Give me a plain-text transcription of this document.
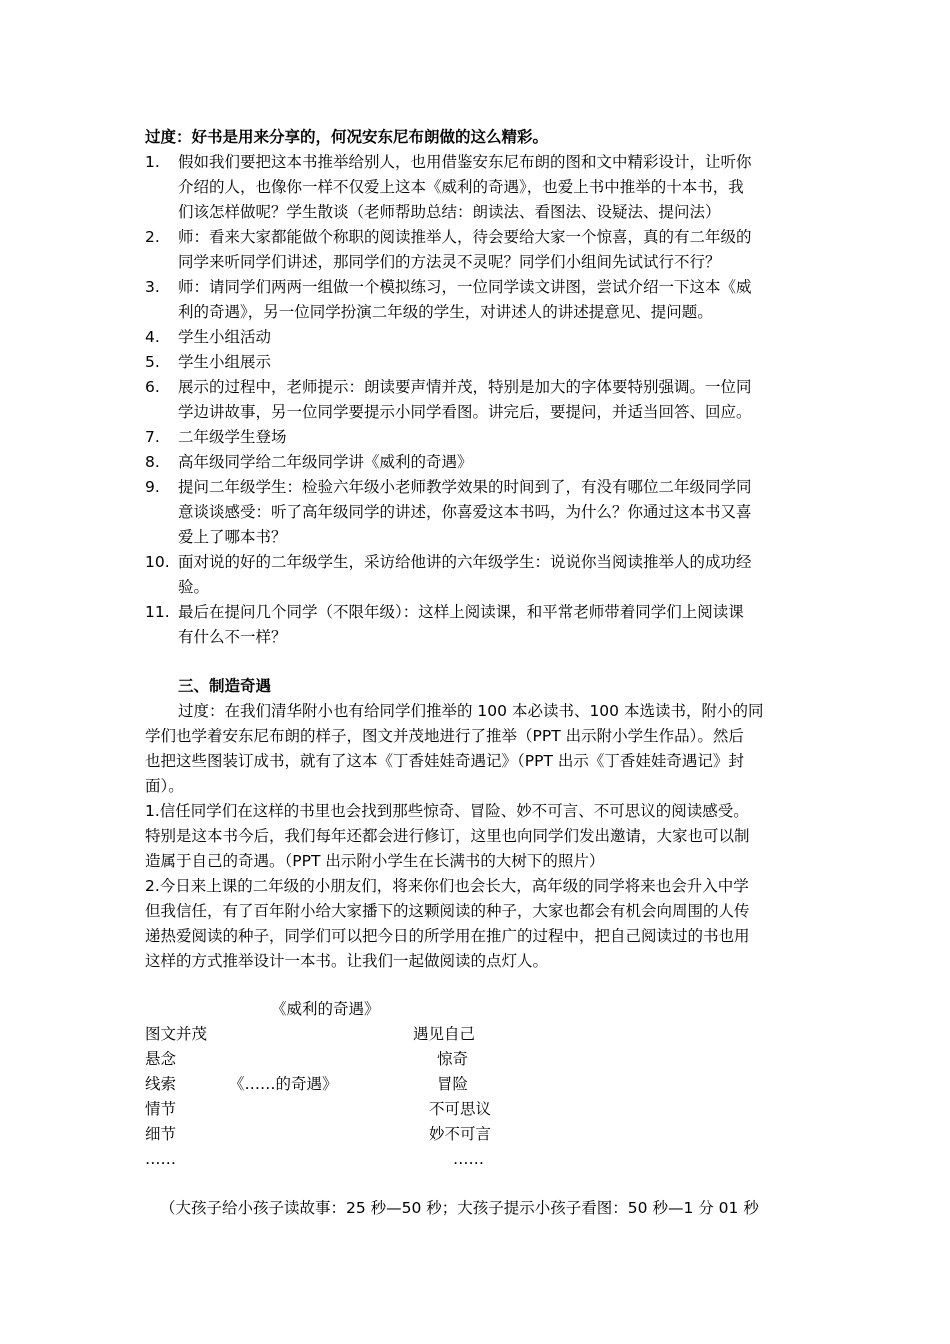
过度：好书是用来分享的，何况安东尼布朗做的这么精彩。
1. 假如我们要把这本书推举给别人，也用借鉴安东尼布朗的图和文中精彩设计，让听你
介绍的人，也像你一样不仅爱上这本《威利的奇遇》，也爱上书中推举的十本书，我
们该怎样做呢？学生散谈（老师帮助总结：朗读法、看图法、设疑法、提问法）
2. 师：看来大家都能做个称职的阅读推举人，待会要给大家一个惊喜，真的有二年级的
同学来听同学们讲述，那同学们的方法灵不灵呢？同学们小组间先试试行不行？
3. 师：请同学们两两一组做一个模拟练习，一位同学读文讲图，尝试介绍一下这本《威
利的奇遇》，另一位同学扮演二年级的学生，对讲述人的讲述提意见、提问题。
4. 学生小组活动
5. 学生小组展示
6. 展示的过程中，老师提示：朗读要声情并茂，特别是加大的字体要特别强调。一位同
学边讲故事，另一位同学要提示小同学看图。讲完后，要提问，并适当回答、回应。
7. 二年级学生登场
8. 高年级同学给二年级同学讲《威利的奇遇》
9. 提问二年级学生：检验六年级小老师教学效果的时间到了，有没有哪位二年级同学同
意谈谈感受：听了高年级同学的讲述，你喜爱这本书吗，为什么？你通过这本书又喜
爱上了哪本书？
10. 面对说的好的二年级学生，采访给他讲的六年级学生：说说你当阅读推举人的成功经
验。
11. 最后在提问几个同学（不限年级）：这样上阅读课，和平常老师带着同学们上阅读课
有什么不一样？
三、制造奇遇
过度：在我们清华附小也有给同学们推举的 100 本必读书、100 本选读书，附小的同
学们也学着安东尼布朗的样子，图文并茂地进行了推举（PPT 出示附小学生作品）。然后
也把这些图装订成书，就有了这本《丁香娃娃奇遇记》（PPT 出示《丁香娃娃奇遇记》封
面）。
1.信任同学们在这样的书里也会找到那些惊奇、冒险、妙不可言、不可思议的阅读感受。
特别是这本书今后，我们每年还都会进行修订，这里也向同学们发出邀请，大家也可以制
造属于自己的奇遇。（PPT 出示附小学生在长满书的大树下的照片）
2.今日来上课的二年级的小朋友们，将来你们也会长大，高年级的同学将来也会升入中学
但我信任，有了百年附小给大家播下的这颗阅读的种子，大家也都会有机会向周围的人传
递热爱阅读的种子，同学们可以把今日的所学用在推广的过程中，把自己阅读过的书也用
这样的方式推举设计一本书。让我们一起做阅读的点灯人。
《威利的奇遇》
图文并茂
悬念
线索
情节
细节
……
《……的奇遇》
遇见自己
惊奇
冒险
不可思议
妙不可言
……
（大孩子给小孩子读故事：25 秒—50 秒；大孩子提示小孩子看图：50 秒—1 分 01 秒
